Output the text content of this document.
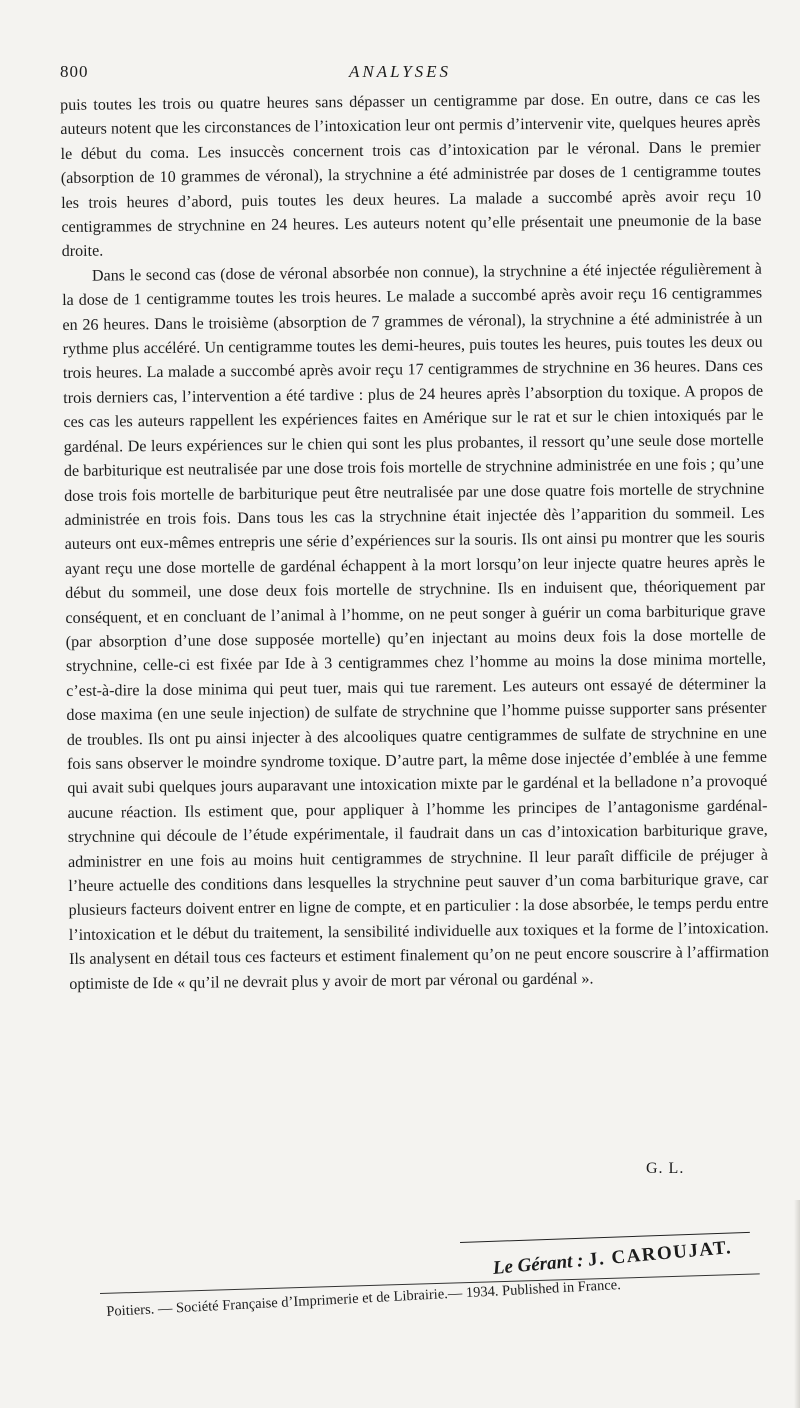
800	ANALYSES

puis toutes les trois ou quatre heures sans dépasser un centigramme par dose. En outre, dans ce cas les auteurs notent que les circonstances de l’intoxication leur ont permis d’intervenir vite, quelques heures après le début du coma. Les insuccès concernent trois cas d’intoxication par le véronal. Dans le premier (absorption de 10 grammes de véronal), la strychnine a été administrée par doses de 1 centigramme toutes les trois heures d’abord, puis toutes les deux heures. La malade a succombé après avoir reçu 10 centigrammes de strychnine en 24 heures. Les auteurs notent qu’elle présentait une pneumonie de la base droite.

Dans le second cas (dose de véronal absorbée non connue), la strychnine a été injectée régulièrement à la dose de 1 centigramme toutes les trois heures. Le malade a succombé après avoir reçu 16 centigrammes en 26 heures. Dans le troisième (absorption de 7 grammes de véronal), la strychnine a été administrée à un rythme plus accéléré. Un centigramme toutes les demi-heures, puis toutes les heures, puis toutes les deux ou trois heures. La malade a succombé après avoir reçu 17 centigrammes de strychnine en 36 heures. Dans ces trois derniers cas, l’intervention a été tardive : plus de 24 heures après l’absorption du toxique. A propos de ces cas les auteurs rappellent les expériences faites en Amérique sur le rat et sur le chien intoxiqués par le gardénal. De leurs expériences sur le chien qui sont les plus probantes, il ressort qu’une seule dose mortelle de barbiturique est neutralisée par une dose trois fois mortelle de strychnine administrée en une fois ; qu’une dose trois fois mortelle de barbiturique peut être neutralisée par une dose quatre fois mortelle de strychnine administrée en trois fois. Dans tous les cas la strychnine était injectée dès l’apparition du sommeil. Les auteurs ont eux-mêmes entrepris une série d’expériences sur la souris. Ils ont ainsi pu montrer que les souris ayant reçu une dose mortelle de gardénal échappent à la mort lorsqu’on leur injecte quatre heures après le début du sommeil, une dose deux fois mortelle de strychnine. Ils en induisent que, théoriquement par conséquent, et en concluant de l’animal à l’homme, on ne peut songer à guérir un coma barbiturique grave (par absorption d’une dose supposée mortelle) qu’en injectant au moins deux fois la dose mortelle de strychnine, celle-ci est fixée par Ide à 3 centigrammes chez l’homme au moins la dose minima mortelle, c’est-à-dire la dose minima qui peut tuer, mais qui tue rarement. Les auteurs ont essayé de déterminer la dose maxima (en une seule injection) de sulfate de strychnine que l’homme puisse supporter sans présenter de troubles. Ils ont pu ainsi injecter à des alcooliques quatre centigrammes de sulfate de strychnine en une fois sans observer le moindre syndrome toxique. D’autre part, la même dose injectée d’emblée à une femme qui avait subi quelques jours auparavant une intoxication mixte par le gardénal et la belladone n’a provoqué aucune réaction. Ils estiment que, pour appliquer à l’homme les principes de l’antagonisme gardénal-strychnine qui découle de l’étude expérimentale, il faudrait dans un cas d’intoxication barbiturique grave, administrer en une fois au moins huit centigrammes de strychnine. Il leur paraît difficile de préjuger à l’heure actuelle des conditions dans lesquelles la strychnine peut sauver d’un coma barbiturique grave, car plusieurs facteurs doivent entrer en ligne de compte, et en particulier : la dose absorbée, le temps perdu entre l’intoxication et le début du traitement, la sensibilité individuelle aux toxiques et la forme de l’intoxication. Ils analysent en détail tous ces facteurs et estiment finalement qu’on ne peut encore souscrire à l’affirmation optimiste de Ide « qu’il ne devrait plus y avoir de mort par véronal ou gardénal ».

G. L.
Le Gérant : J. CAROUJAT.
Poitiers. — Société Française d’Imprimerie et de Librairie.— 1934. Published in France.
